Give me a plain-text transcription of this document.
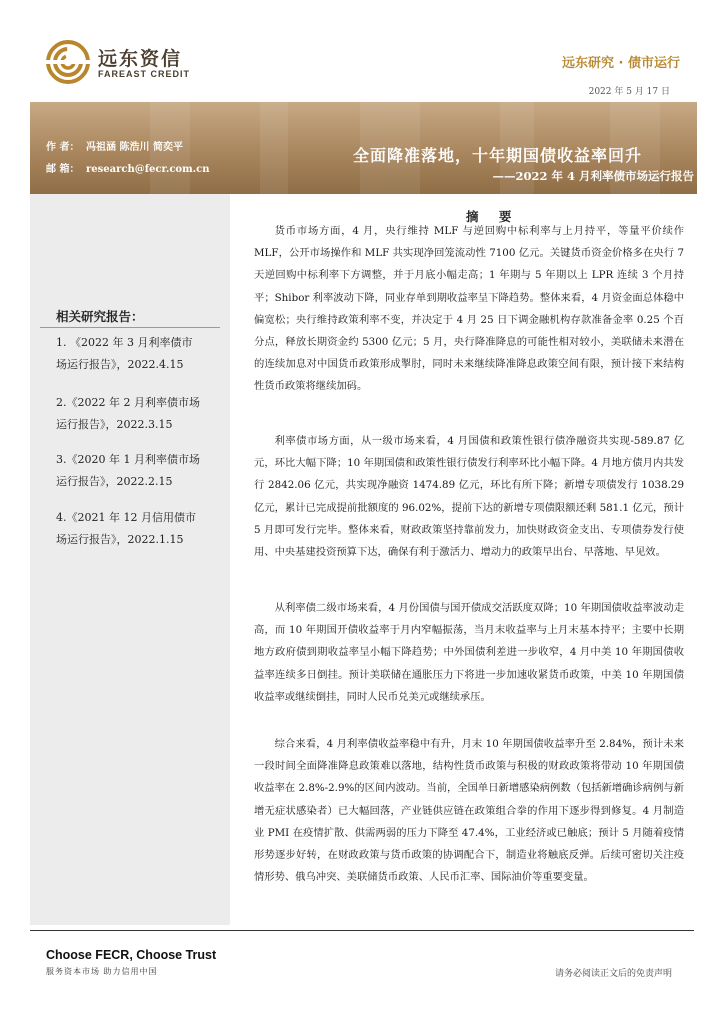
远东资信
FAREAST CREDIT
远东研究 · 债市运行
2022 年 5 月 17 日
作 者： 冯祖涵 陈浩川 简奕平
邮 箱： research@fecr.com.cn
全面降准落地，十年期国债收益率回升
——2022 年 4 月利率债市场运行报告
相关研究报告：
1. 《2022 年 3 月利率债市
场运行报告》，2022.4.15
2.《2022 年 2 月利率债市场
运行报告》，2022.3.15
3.《2020 年 1 月利率债市场
运行报告》，2022.2.15
4.《2021 年 12 月信用债市
场运行报告》，2022.1.15
摘 要

货币市场方面，4 月，央行维持 MLF 与逆回购中标利率与上月持平，等量平价续作 MLF，公开市场操作和 MLF 共实现净回笼流动性 7100 亿元。关键货币资金价格多在央行 7 天逆回购中标利率下方调整，并于月底小幅走高；1 年期与 5 年期以上 LPR 连续 3 个月持平；Shibor 利率波动下降，同业存单到期收益率呈下降趋势。整体来看，4 月资金面总体稳中偏宽松；央行维持政策利率不变，并决定于 4 月 25 日下调金融机构存款准备金率 0.25 个百分点，释放长期资金约 5300 亿元；5 月，央行降准降息的可能性相对较小，美联储未来潜在的连续加息对中国货币政策形成掣肘，同时未来继续降准降息政策空间有限，预计接下来结构性货币政策将继续加码。

利率债市场方面，从一级市场来看，4 月国债和政策性银行债净融资共实现-589.87 亿元，环比大幅下降；10 年期国债和政策性银行债发行利率环比小幅下降。4 月地方债月内共发行 2842.06 亿元，共实现净融资 1474.89 亿元，环比有所下降；新增专项债发行 1038.29 亿元，累计已完成提前批额度的 96.02%，提前下达的新增专项债限额还剩 581.1 亿元，预计 5 月即可发行完毕。整体来看，财政政策坚持靠前发力，加快财政资金支出、专项债券发行使用、中央基建投资预算下达，确保有利于激活力、增动力的政策早出台、早落地、早见效。

从利率债二级市场来看，4 月份国债与国开债成交活跃度双降；10 年期国债收益率波动走高，而 10 年期国开债收益率于月内窄幅振荡，当月末收益率与上月末基本持平；主要中长期地方政府债到期收益率呈小幅下降趋势；中外国债利差进一步收窄，4 月中美 10 年期国债收益率连续多日倒挂。预计美联储在通胀压力下将进一步加速收紧货币政策，中美 10 年期国债收益率或继续倒挂，同时人民币兑美元或继续承压。

综合来看，4 月利率债收益率稳中有升，月末 10 年期国债收益率升至 2.84%，预计未来一段时间全面降准降息政策难以落地，结构性货币政策与积极的财政政策将带动 10 年期国债收益率在 2.8%-2.9%的区间内波动。当前，全国单日新增感染病例数（包括新增确诊病例与新增无症状感染者）已大幅回落，产业链供应链在政策组合拳的作用下逐步得到修复。4 月制造业 PMI 在疫情扩散、供需两弱的压力下降至 47.4%，工业经济或已触底；预计 5 月随着疫情形势逐步好转，在财政政策与货币政策的协调配合下，制造业将触底反弹。后续可密切关注疫情形势、俄乌冲突、美联储货币政策、人民币汇率、国际油价等重要变量。

Choose FECR, Choose Trust
服务资本市场 助力信用中国	请务必阅读正文后的免责声明
